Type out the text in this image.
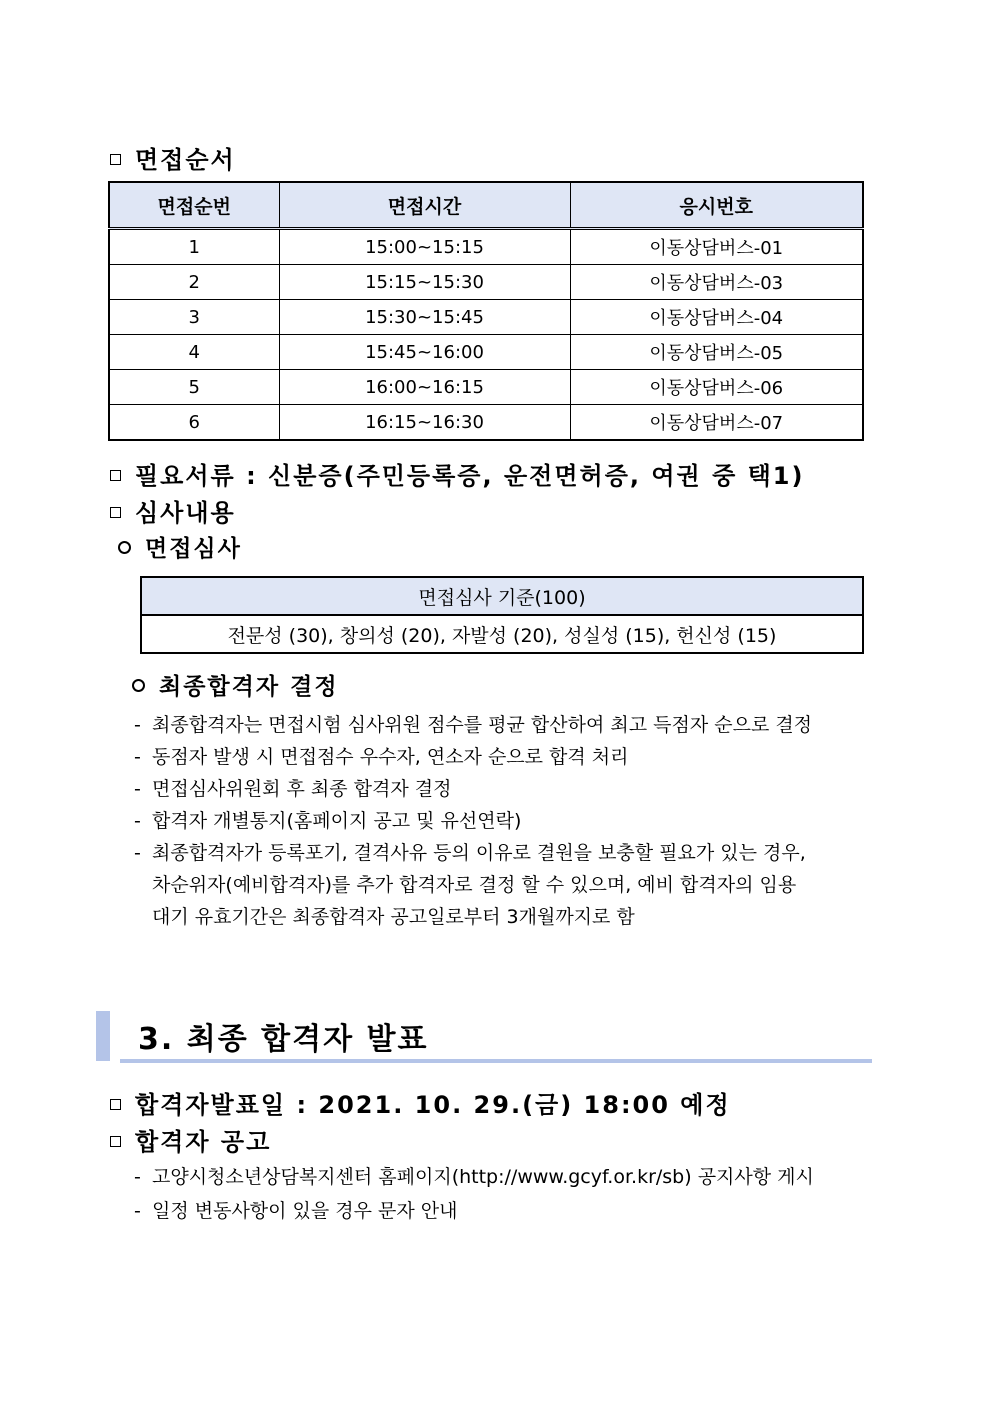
면접순서
면접순번	면접시간	응시번호
1	15:00~15:15	이동상담버스-01
2	15:15~15:30	이동상담버스-03
3	15:30~15:45	이동상담버스-04
4	15:45~16:00	이동상담버스-05
5	16:00~16:15	이동상담버스-06
6	16:15~16:30	이동상담버스-07
필요서류 : 신분증(주민등록증, 운전면허증, 여권 중 택1)
심사내용
면접심사
면접심사 기준(100)
전문성 (30), 창의성 (20), 자발성 (20), 성실성 (15), 헌신성 (15)
최종합격자 결정
- 최종합격자는 면접시험 심사위원 점수를 평균 합산하여 최고 득점자 순으로 결정
- 동점자 발생 시 면접점수 우수자, 연소자 순으로 합격 처리
- 면접심사위원회 후 최종 합격자 결정
- 합격자 개별통지(홈페이지 공고 및 유선연락)
- 최종합격자가 등록포기, 결격사유 등의 이유로 결원을 보충할 필요가 있는 경우,
차순위자(예비합격자)를 추가 합격자로 결정 할 수 있으며, 예비 합격자의 임용
대기 유효기간은 최종합격자 공고일로부터 3개월까지로 함
3. 최종 합격자 발표
합격자발표일 : 2021. 10. 29.(금) 18:00 예정
합격자 공고
- 고양시청소년상담복지센터 홈페이지(http://www.gcyf.or.kr/sb) 공지사항 게시
- 일정 변동사항이 있을 경우 문자 안내
